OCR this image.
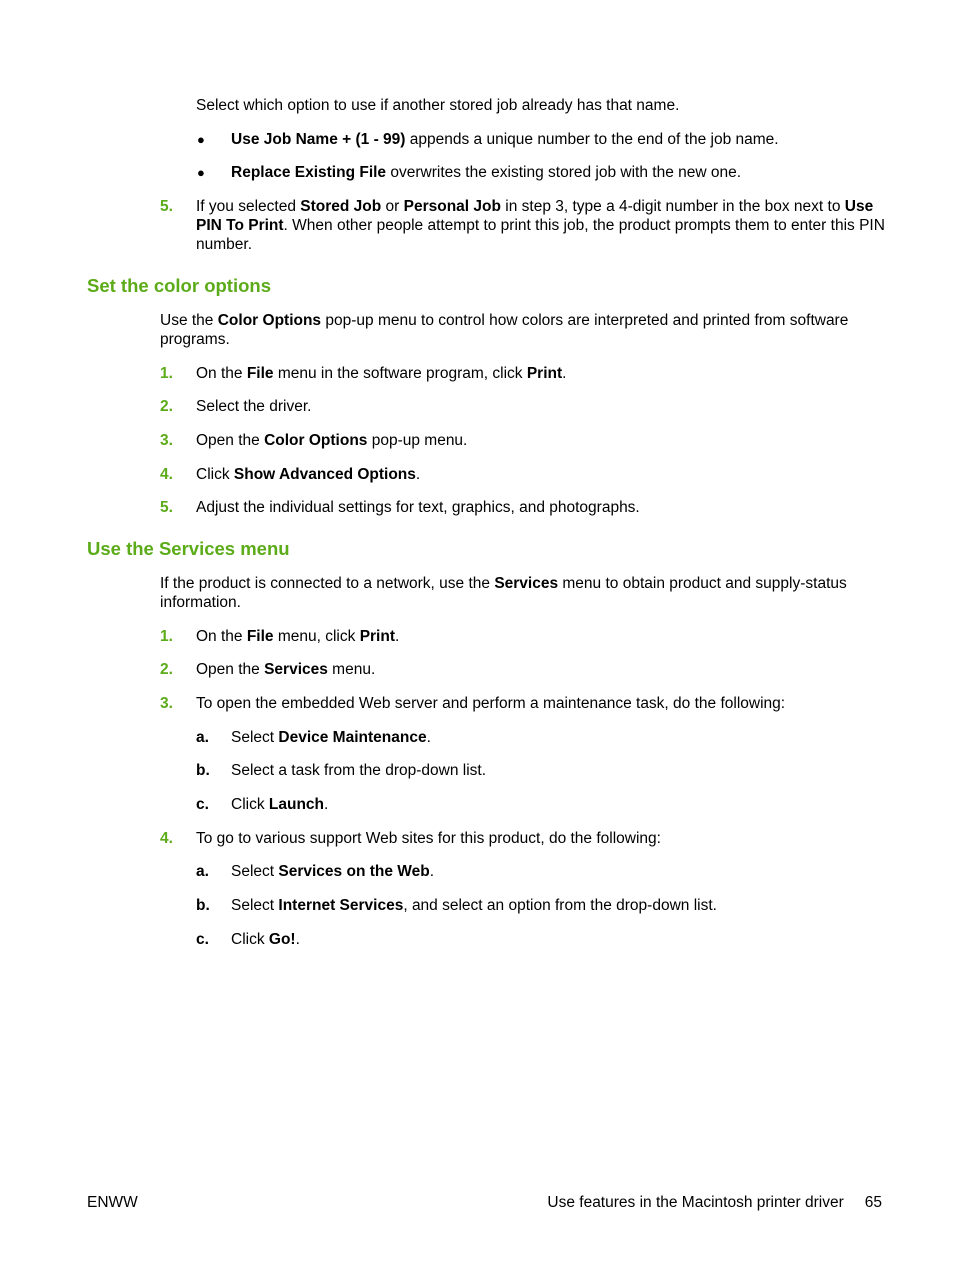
Select which option to use if another stored job already has that name.
● Use Job Name + (1 - 99) appends a unique number to the end of the job name.
● Replace Existing File overwrites the existing stored job with the new one.
5. If you selected Stored Job or Personal Job in step 3, type a 4-digit number in the box next to Use PIN To Print. When other people attempt to print this job, the product prompts them to enter this PIN number.
Set the color options
Use the Color Options pop-up menu to control how colors are interpreted and printed from software programs.
1. On the File menu in the software program, click Print.
2. Select the driver.
3. Open the Color Options pop-up menu.
4. Click Show Advanced Options.
5. Adjust the individual settings for text, graphics, and photographs.
Use the Services menu
If the product is connected to a network, use the Services menu to obtain product and supply-status information.
1. On the File menu, click Print.
2. Open the Services menu.
3. To open the embedded Web server and perform a maintenance task, do the following:
a. Select Device Maintenance.
b. Select a task from the drop-down list.
c. Click Launch.
4. To go to various support Web sites for this product, do the following:
a. Select Services on the Web.
b. Select Internet Services, and select an option from the drop-down list.
c. Click Go!.
ENWW	Use features in the Macintosh printer driver 65
